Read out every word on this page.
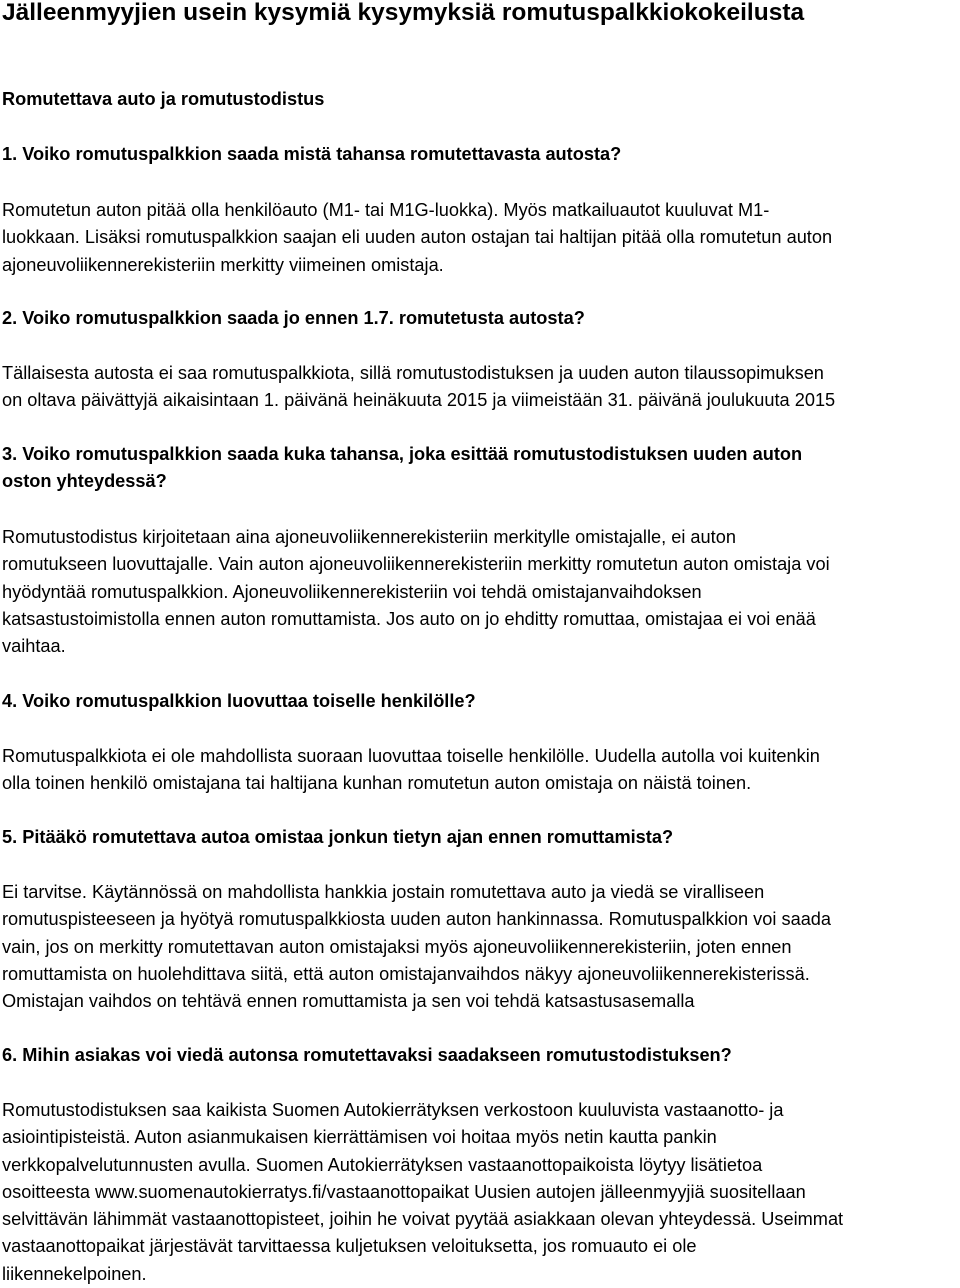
Jälleenmyyjien usein kysymiä kysymyksiä romutuspalkkiokokeilusta
Romutettava auto ja romutustodistus
1. Voiko romutuspalkkion saada mistä tahansa romutettavasta autosta?
Romutetun auton pitää olla henkilöauto (M1- tai M1G-luokka). Myös matkailuautot kuuluvat M1-
luokkaan. Lisäksi romutuspalkkion saajan eli uuden auton ostajan tai haltijan pitää olla romutetun auton
ajoneuvoliikennerekisteriin merkitty viimeinen omistaja.
2. Voiko romutuspalkkion saada jo ennen 1.7. romutetusta autosta?
Tällaisesta autosta ei saa romutuspalkkiota, sillä romutustodistuksen ja uuden auton tilaussopimuksen
on oltava päivättyjä aikaisintaan 1. päivänä heinäkuuta 2015 ja viimeistään 31. päivänä joulukuuta 2015
3. Voiko romutuspalkkion saada kuka tahansa, joka esittää romutustodistuksen uuden auton
oston yhteydessä?
Romutustodistus kirjoitetaan aina ajoneuvoliikennerekisteriin merkitylle omistajalle, ei auton
romutukseen luovuttajalle. Vain auton ajoneuvoliikennerekisteriin merkitty romutetun auton omistaja voi
hyödyntää romutuspalkkion. Ajoneuvoliikennerekisteriin voi tehdä omistajanvaihdoksen
katsastustoimistolla ennen auton romuttamista. Jos auto on jo ehditty romuttaa, omistajaa ei voi enää
vaihtaa.
4. Voiko romutuspalkkion luovuttaa toiselle henkilölle?
Romutuspalkkiota ei ole mahdollista suoraan luovuttaa toiselle henkilölle. Uudella autolla voi kuitenkin
olla toinen henkilö omistajana tai haltijana kunhan romutetun auton omistaja on näistä toinen.
5. Pitääkö romutettava autoa omistaa jonkun tietyn ajan ennen romuttamista?
Ei tarvitse. Käytännössä on mahdollista hankkia jostain romutettava auto ja viedä se viralliseen
romutuspisteeseen ja hyötyä romutuspalkkiosta uuden auton hankinnassa. Romutuspalkkion voi saada
vain, jos on merkitty romutettavan auton omistajaksi myös ajoneuvoliikennerekisteriin, joten ennen
romuttamista on huolehdittava siitä, että auton omistajanvaihdos näkyy ajoneuvoliikennerekisterissä.
Omistajan vaihdos on tehtävä ennen romuttamista ja sen voi tehdä katsastusasemalla
6. Mihin asiakas voi viedä autonsa romutettavaksi saadakseen romutustodistuksen?
Romutustodistuksen saa kaikista Suomen Autokierrätyksen verkostoon kuuluvista vastaanotto- ja
asiointipisteistä. Auton asianmukaisen kierrättämisen voi hoitaa myös netin kautta pankin
verkkopalvelutunnusten avulla. Suomen Autokierrätyksen vastaanottopaikoista löytyy lisätietoa
osoitteesta www.suomenautokierratys.fi/vastaanottopaikat Uusien autojen jälleenmyyjiä suositellaan
selvittävän lähimmät vastaanottopisteet, joihin he voivat pyytää asiakkaan olevan yhteydessä. Useimmat
vastaanottopaikat järjestävät tarvittaessa kuljetuksen veloituksetta, jos romuauto ei ole
liikennekelpoinen.
